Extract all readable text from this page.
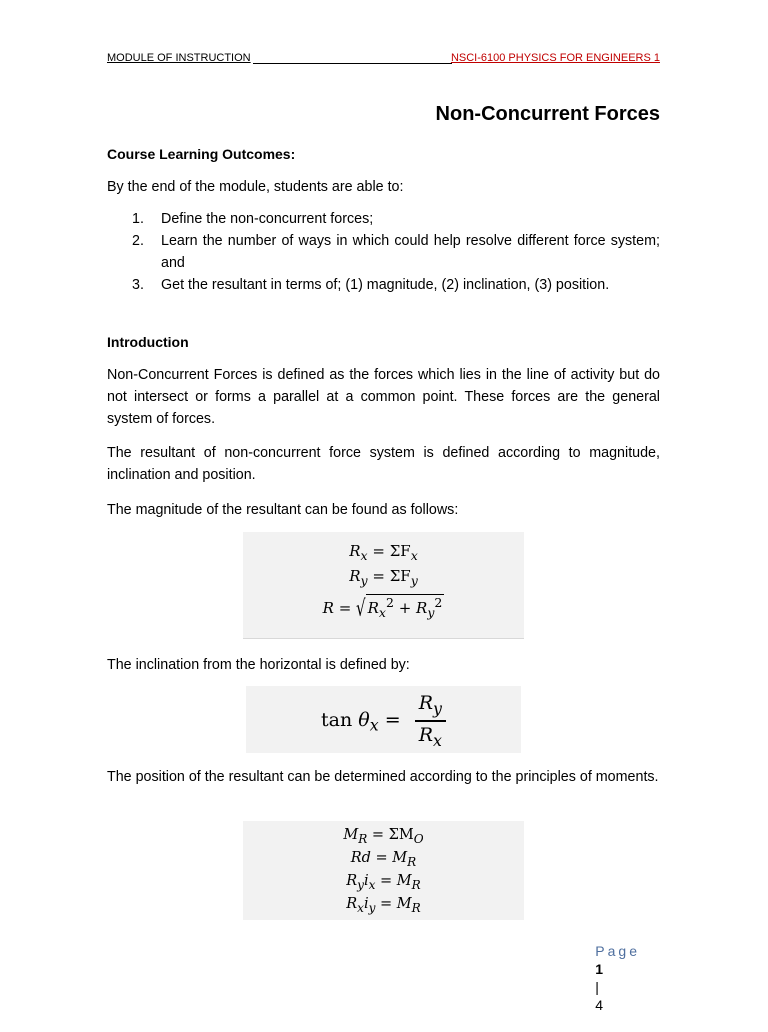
MODULE OF INSTRUCTION	NSCI-6100 PHYSICS FOR ENGINEERS 1
Non-Concurrent Forces
Course Learning Outcomes:
By the end of the module, students are able to:
1. Define the non-concurrent forces;
2. Learn the number of ways in which could help resolve different force system; and
3. Get the resultant in terms of; (1) magnitude, (2) inclination, (3) position.
Introduction
Non-Concurrent Forces is defined as the forces which lies in the line of activity but do not intersect or forms a parallel at a common point. These forces are the general system of forces.
The resultant of non-concurrent force system is defined according to magnitude, inclination and position.
The magnitude of the resultant can be found as follows:
$R_x = \Sigma F_x$
$R_y = \Sigma F_y$
R = √ $R_x^2 + R_y^2$
The inclination from the horizontal is defined by:
$\tan \theta_x = \frac{R_y}{R_x}$
The position of the resultant can be determined according to the principles of moments.
$M_R = \Sigma M_O$
$Rd = M_R$
$R_yi_x = M_R$
$R_xi_y = M_R$

Page
1
|
4
